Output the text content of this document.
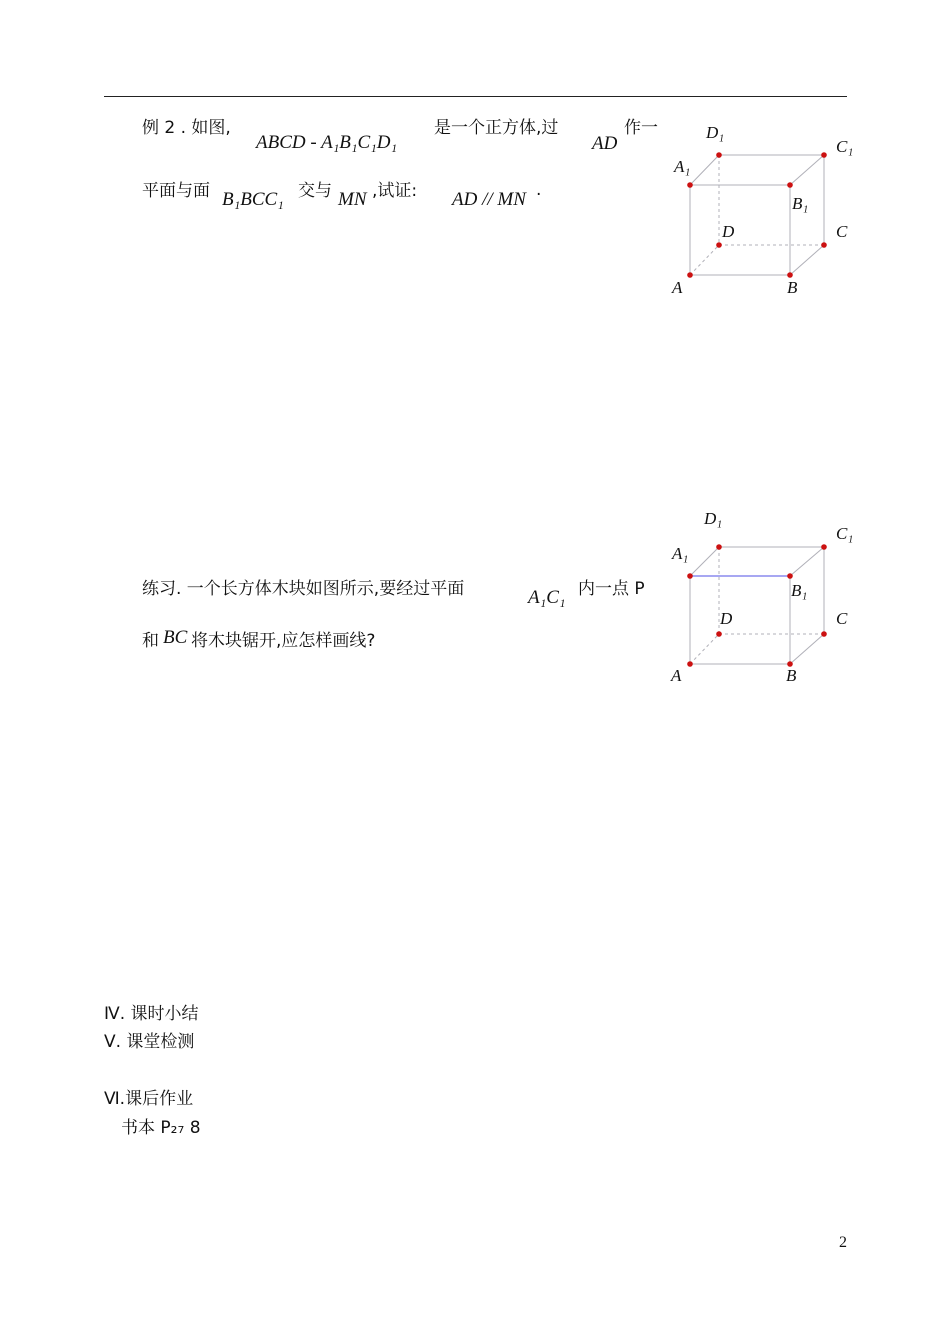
例 2 . 如图,
ABCD - A₁B₁C₁D₁
是一个正方体,过
AD
作一
平面与面 B₁BCC₁ 交与 MN ,试证: AD // MN .
A	B
C
D
A₁
B₁
C₁
D₁
练习. 一个长方体木块如图所示,要经过平面	A₁C₁ 内一点 P
和 BC 将木块锯开,应怎样画线?
A	B
C
D
A₁
B₁
C₁
D₁
Ⅳ. 课时小结
Ⅴ. 课堂检测
Ⅵ.课后作业
书本 P₂₇ 8
2
